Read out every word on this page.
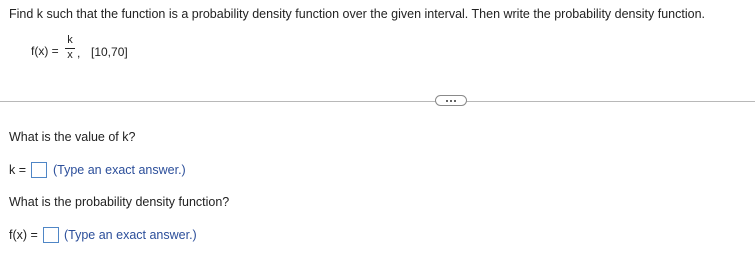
Find k such that the function is a probability density function over the given interval. Then write the probability density function.
f(x) =
k
x , [10,70]
What is the value of k?
k = (Type an exact answer.)
What is the probability density function?
f(x) = (Type an exact answer.)
